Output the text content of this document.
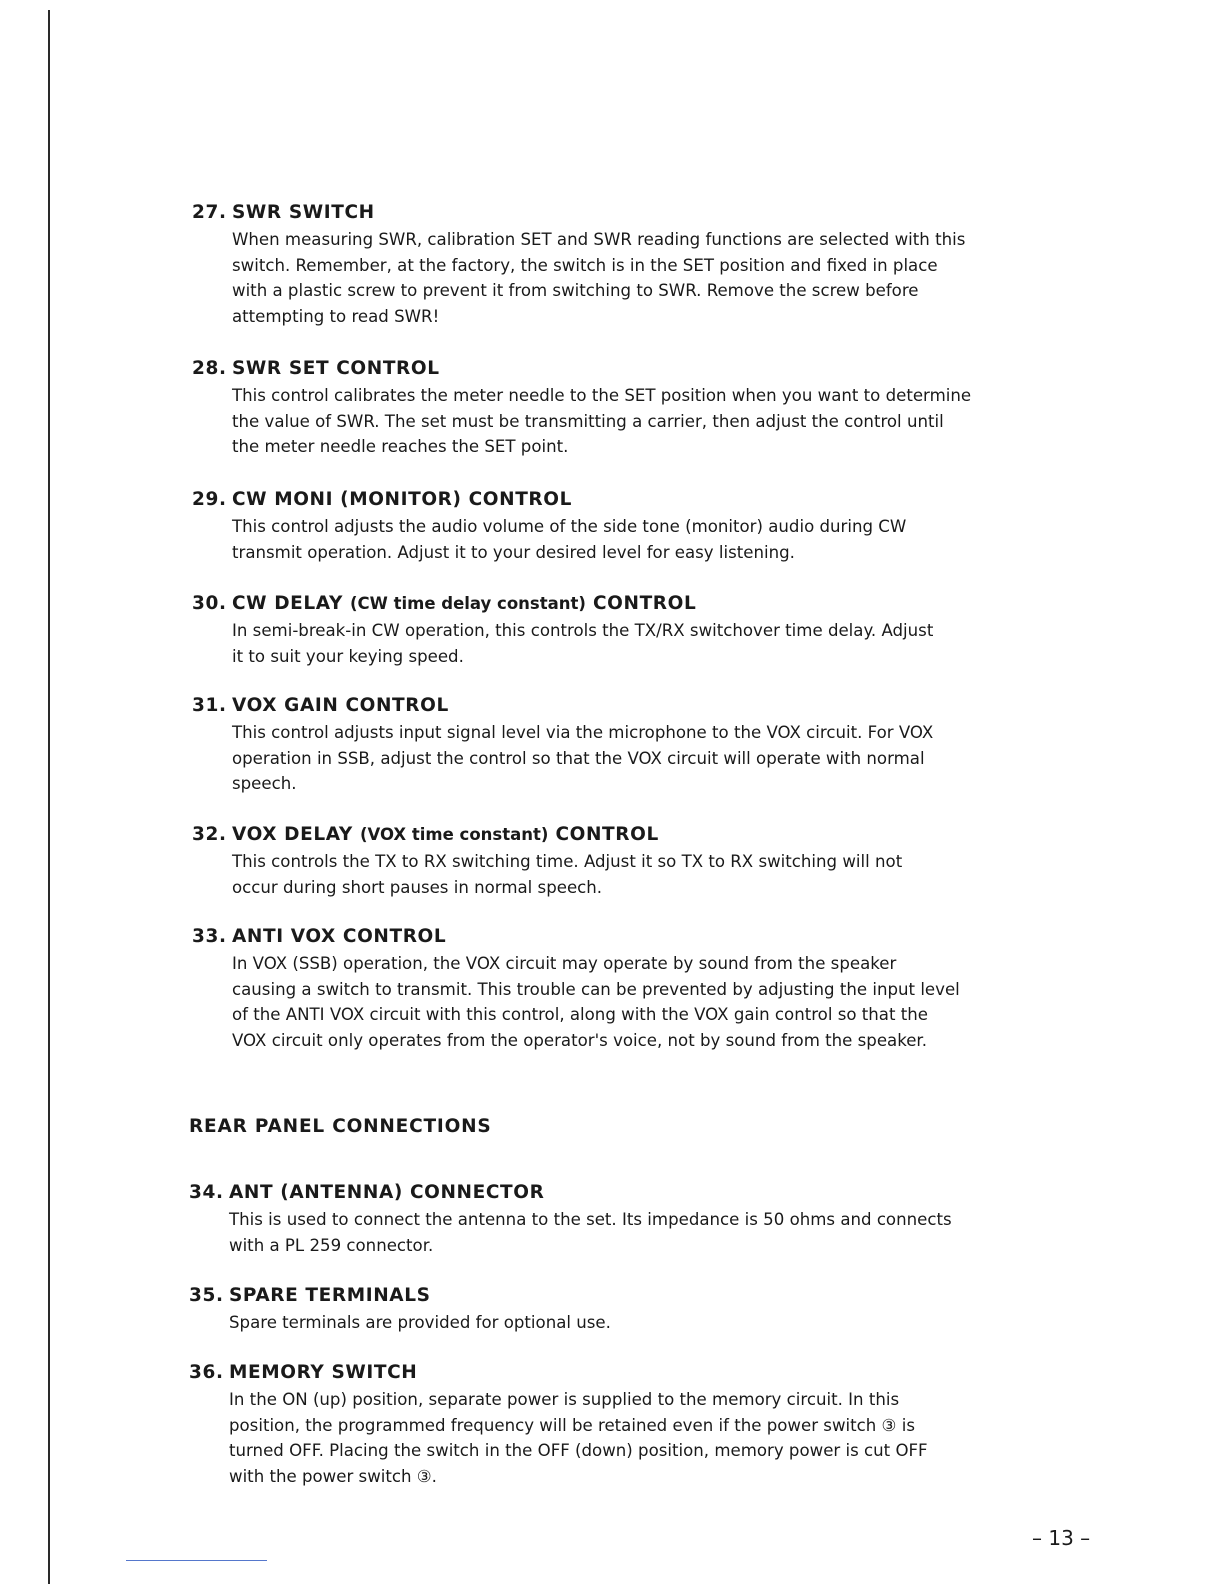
27. SWR SWITCH
When measuring SWR, calibration SET and SWR reading functions are selected with this
switch. Remember, at the factory, the switch is in the SET position and fixed in place
with a plastic screw to prevent it from switching to SWR. Remove the screw before
attempting to read SWR!
28. SWR SET CONTROL
This control calibrates the meter needle to the SET position when you want to determine
the value of SWR. The set must be transmitting a carrier, then adjust the control until
the meter needle reaches the SET point.
29. CW MONI (MONITOR) CONTROL
This control adjusts the audio volume of the side tone (monitor) audio during CW
transmit operation. Adjust it to your desired level for easy listening.
30. CW DELAY (CW time delay constant) CONTROL
In semi-break-in CW operation, this controls the TX/RX switchover time delay. Adjust
it to suit your keying speed.
31. VOX GAIN CONTROL
This control adjusts input signal level via the microphone to the VOX circuit. For VOX
operation in SSB, adjust the control so that the VOX circuit will operate with normal
speech.
32. VOX DELAY (VOX time constant) CONTROL
This controls the TX to RX switching time. Adjust it so TX to RX switching will not
occur during short pauses in normal speech.
33. ANTI VOX CONTROL
In VOX (SSB) operation, the VOX circuit may operate by sound from the speaker
causing a switch to transmit. This trouble can be prevented by adjusting the input level
of the ANTI VOX circuit with this control, along with the VOX gain control so that the
VOX circuit only operates from the operator's voice, not by sound from the speaker.
REAR PANEL CONNECTIONS
34. ANT (ANTENNA) CONNECTOR
This is used to connect the antenna to the set. Its impedance is 50 ohms and connects
with a PL 259 connector.
35. SPARE TERMINALS
Spare terminals are provided for optional use.
36. MEMORY SWITCH
In the ON (up) position, separate power is supplied to the memory circuit. In this
position, the programmed frequency will be retained even if the power switch ③ is
turned OFF. Placing the switch in the OFF (down) position, memory power is cut OFF
with the power switch ③.
– 13 –
